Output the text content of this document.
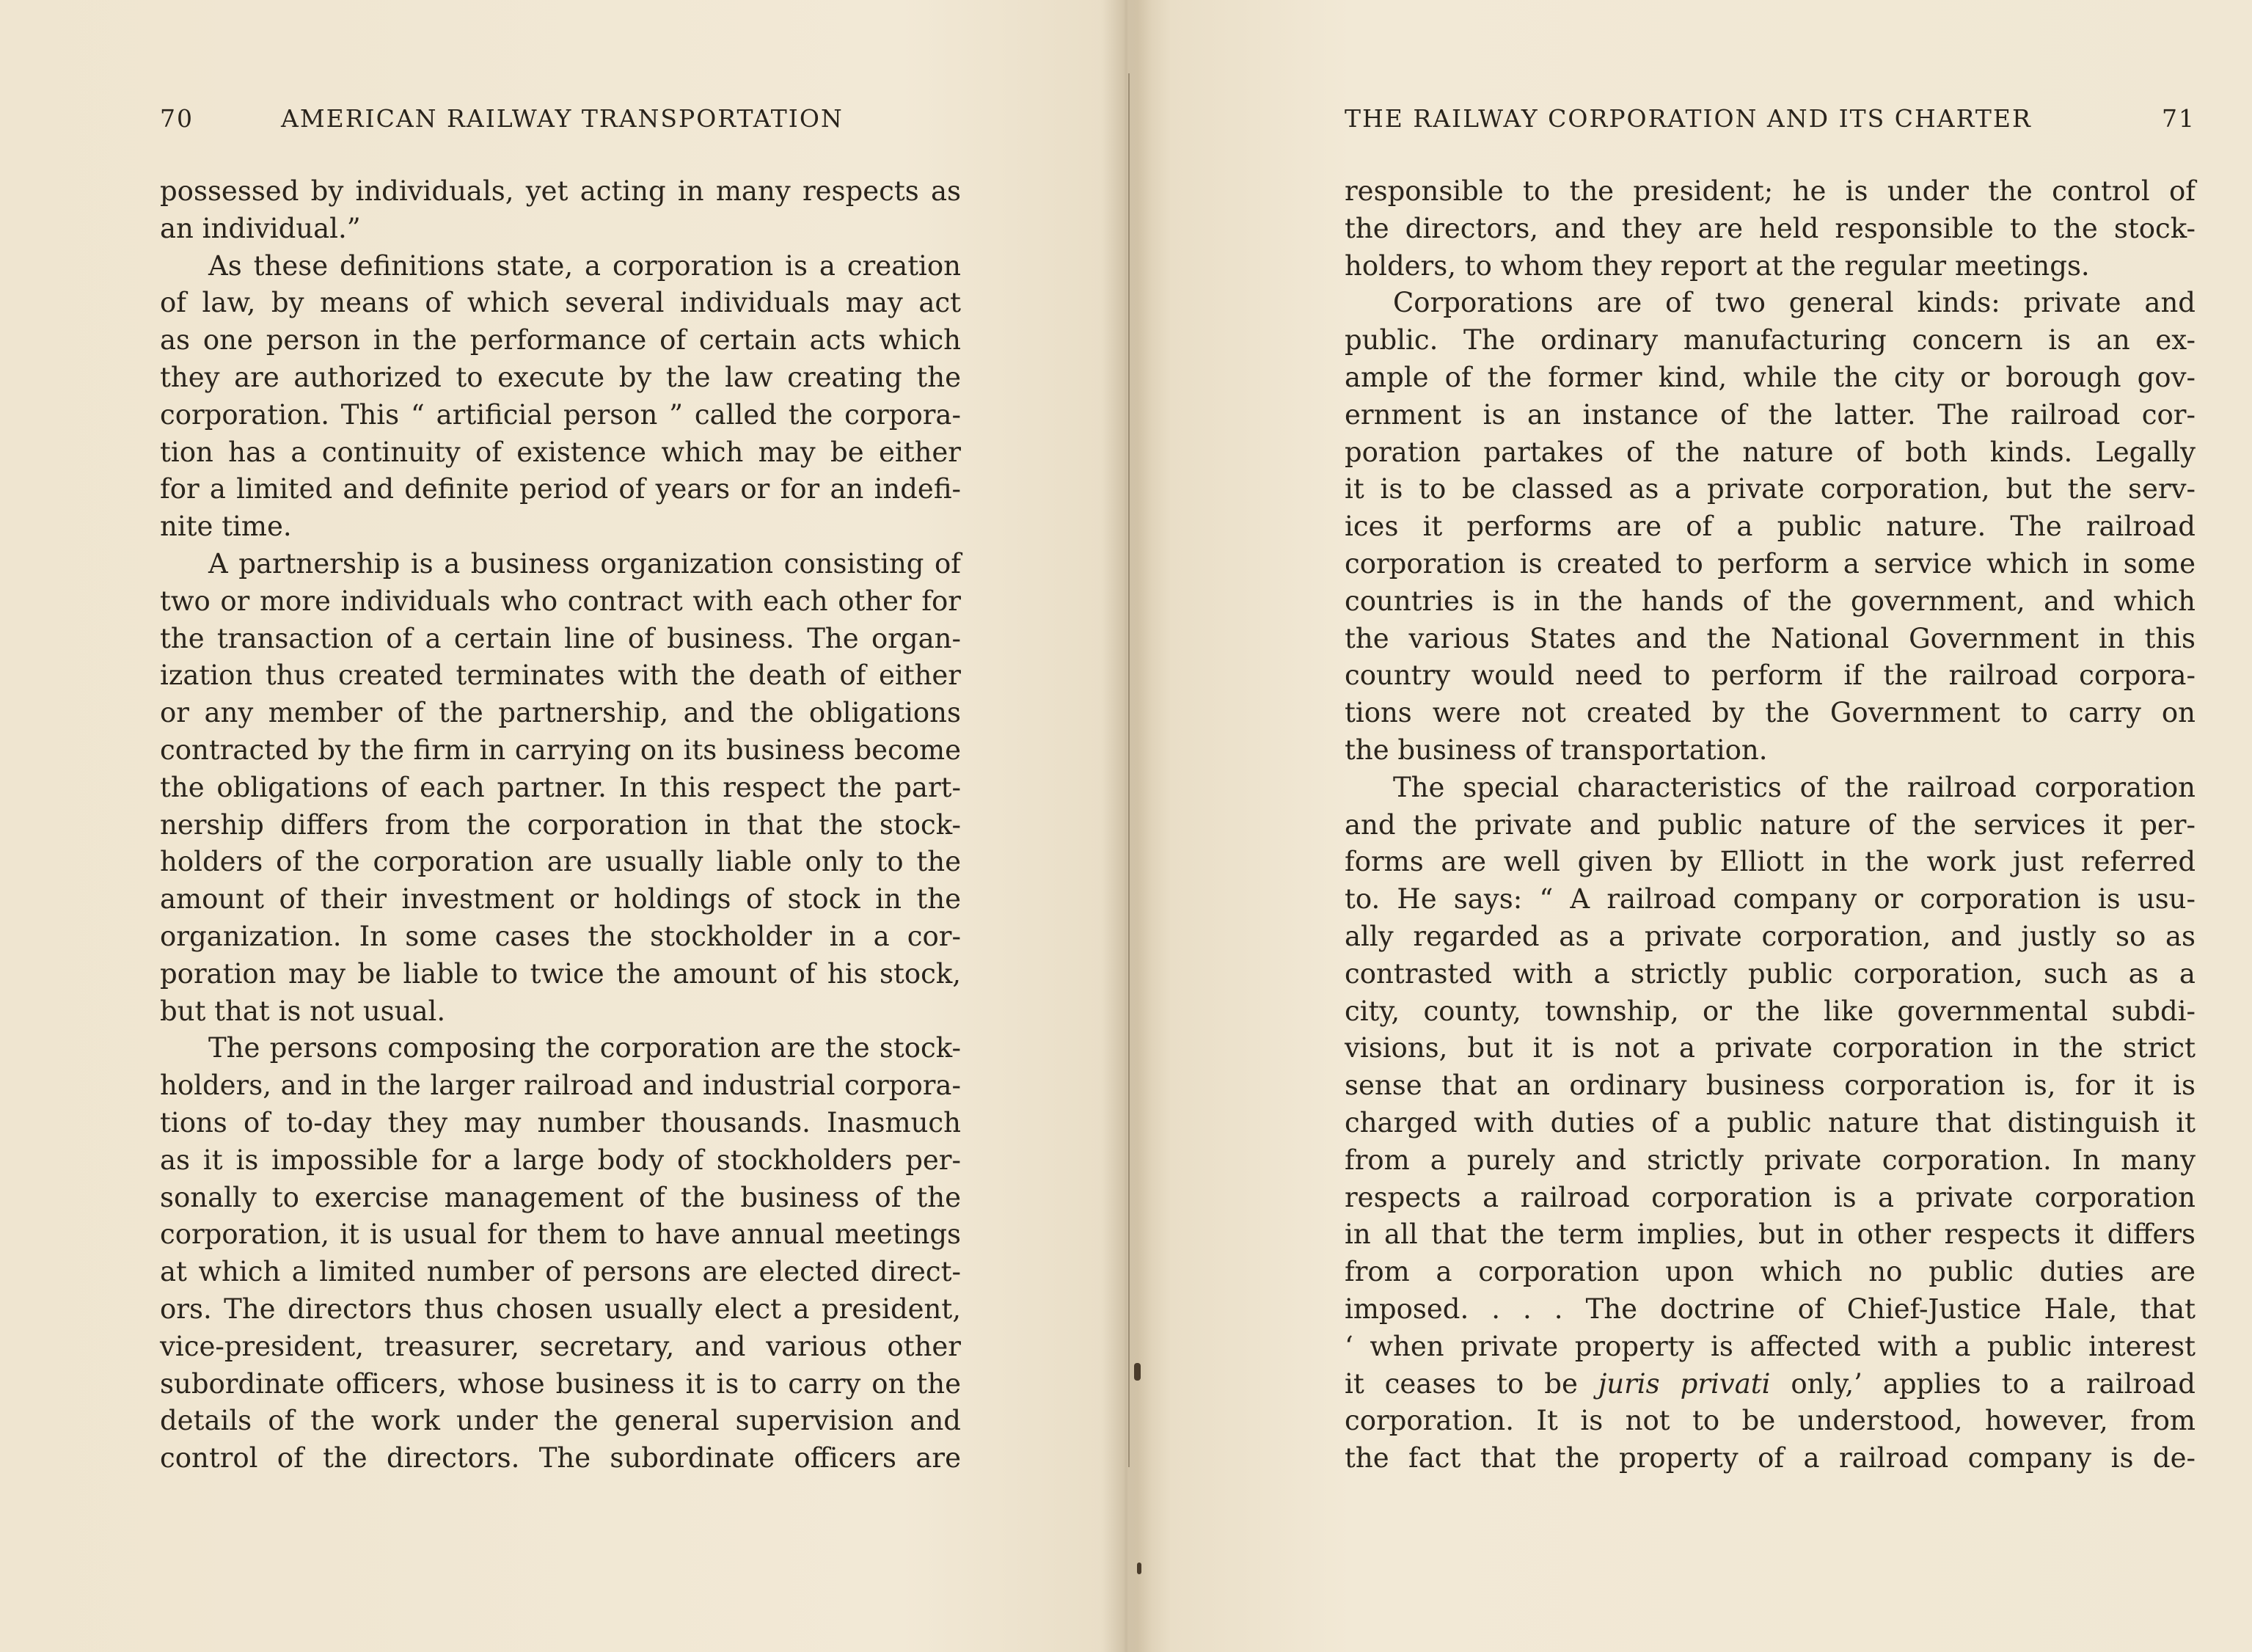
70	AMERICAN RAILWAY TRANSPORTATION
possessed by individuals, yet acting in many respects as
an individual.”
As these definitions state, a corporation is a creation
of law, by means of which several individuals may act
as one person in the performance of certain acts which
they are authorized to execute by the law creating the
corporation. This “ artificial person ” called the corpora-
tion has a continuity of existence which may be either
for a limited and definite period of years or for an indefi-
nite time.
A partnership is a business organization consisting of
two or more individuals who contract with each other for
the transaction of a certain line of business. The organ-
ization thus created terminates with the death of either
or any member of the partnership, and the obligations
contracted by the firm in carrying on its business become
the obligations of each partner. In this respect the part-
nership differs from the corporation in that the stock-
holders of the corporation are usually liable only to the
amount of their investment or holdings of stock in the
organization. In some cases the stockholder in a cor-
poration may be liable to twice the amount of his stock,
but that is not usual.
The persons composing the corporation are the stock-
holders, and in the larger railroad and industrial corpora-
tions of to-day they may number thousands. Inasmuch
as it is impossible for a large body of stockholders per-
sonally to exercise management of the business of the
corporation, it is usual for them to have annual meetings
at which a limited number of persons are elected direct-
ors. The directors thus chosen usually elect a president,
vice-president, treasurer, secretary, and various other
subordinate officers, whose business it is to carry on the
details of the work under the general supervision and
control of the directors. The subordinate officers are
THE RAILWAY CORPORATION AND ITS CHARTER	71
responsible to the president; he is under the control of
the directors, and they are held responsible to the stock-
holders, to whom they report at the regular meetings.
Corporations are of two general kinds: private and
public. The ordinary manufacturing concern is an ex-
ample of the former kind, while the city or borough gov-
ernment is an instance of the latter. The railroad cor-
poration partakes of the nature of both kinds. Legally
it is to be classed as a private corporation, but the serv-
ices it performs are of a public nature. The railroad
corporation is created to perform a service which in some
countries is in the hands of the government, and which
the various States and the National Government in this
country would need to perform if the railroad corpora-
tions were not created by the Government to carry on
the business of transportation.
The special characteristics of the railroad corporation
and the private and public nature of the services it per-
forms are well given by Elliott in the work just referred
to. He says: “ A railroad company or corporation is usu-
ally regarded as a private corporation, and justly so as
contrasted with a strictly public corporation, such as a
city, county, township, or the like governmental subdi-
visions, but it is not a private corporation in the strict
sense that an ordinary business corporation is, for it is
charged with duties of a public nature that distinguish it
from a purely and strictly private corporation. In many
respects a railroad corporation is a private corporation
in all that the term implies, but in other respects it differs
from a corporation upon which no public duties are
imposed. . . . The doctrine of Chief-Justice Hale, that
‘ when private property is affected with a public interest
it ceases to be juris privati only,’ applies to a railroad
corporation. It is not to be understood, however, from
the fact that the property of a railroad company is de-
